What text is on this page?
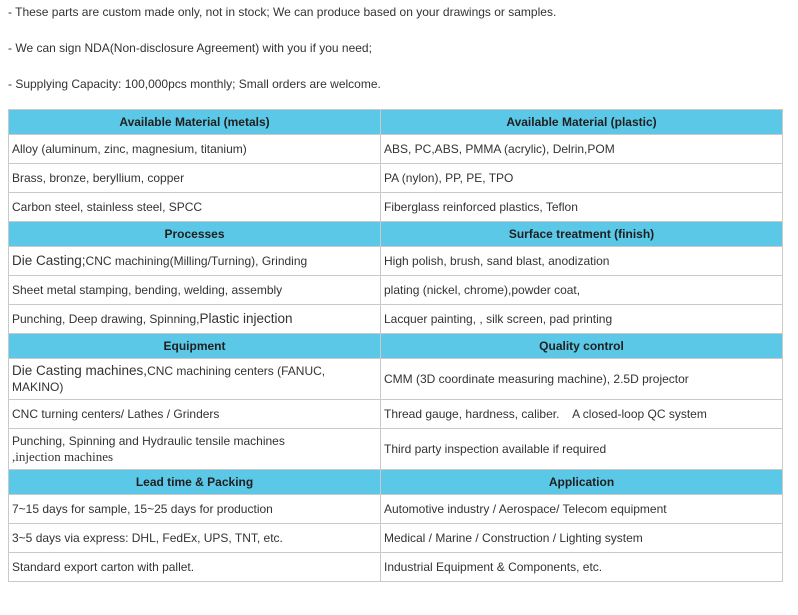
- These parts are custom made only, not in stock; We can produce based on your drawings or samples.

- We can sign NDA(Non-disclosure Agreement) with you if you need;

- Supplying Capacity: 100,000pcs monthly; Small orders are welcome.

Available Material (metals)	Available Material (plastic)
Alloy (aluminum, zinc, magnesium, titanium)	ABS, PC,ABS, PMMA (acrylic), Delrin,POM
Brass, bronze, beryllium, copper	PA (nylon), PP, PE, TPO
Carbon steel, stainless steel, SPCC	Fiberglass reinforced plastics, Teflon
Processes	Surface treatment (finish)
Die Casting;CNC machining(Milling/Turning), Grinding	High polish, brush, sand blast, anodization
Sheet metal stamping, bending, welding, assembly	plating (nickel, chrome),powder coat,
Punching, Deep drawing, Spinning,Plastic injection	Lacquer painting, , silk screen, pad printing
Equipment	Quality control
Die Casting machines,CNC machining centers (FANUC, MAKINO)	CMM (3D coordinate measuring machine), 2.5D projector
CNC turning centers/ Lathes / Grinders	Thread gauge, hardness, caliber.    A closed-loop QC system
Punching, Spinning and Hydraulic tensile machines
,injection machines	Third party inspection available if required
Lead time & Packing	Application
7~15 days for sample, 15~25 days for production	Automotive industry / Aerospace/ Telecom equipment
3~5 days via express: DHL, FedEx, UPS, TNT, etc.	Medical / Marine / Construction / Lighting system
Standard export carton with pallet.	Industrial Equipment & Components, etc.
